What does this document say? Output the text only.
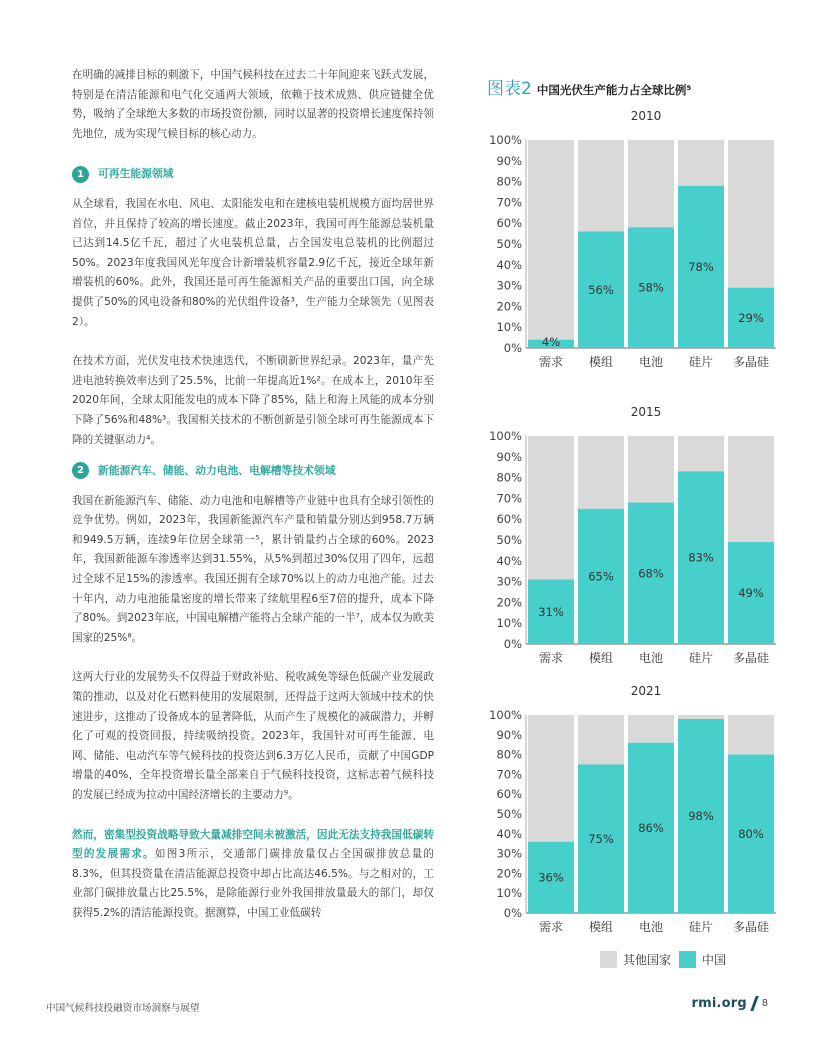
在明确的减排目标的刺激下，中国气候科技在过去二十年间迎来飞跃式发展，特别是在清洁能源和电气化交通两大领域，依赖于技术成熟、供应链健全优势，吸纳了全球绝大多数的市场投资份额，同时以显著的投资增长速度保持领先地位，成为实现气候目标的核心动力。

1	可再生能源领域

从全球看，我国在水电、风电、太阳能发电和在建核电装机规模方面均居世界首位，并且保持了较高的增长速度。截止2023年，我国可再生能源总装机量已达到14.5亿千瓦，超过了火电装机总量，占全国发电总装机的比例超过50%。2023年度我国风光年度合计新增装机容量2.9亿千瓦，接近全球年新增装机的60%。此外，我国还是可再生能源相关产品的重要出口国，向全球提供了50%的风电设备和80%的光伏组件设备³，生产能力全球领先（见图表2）。

在技术方面，光伏发电技术快速迭代，不断刷新世界纪录。2023年，量产先进电池转换效率达到了25.5%，比前一年提高近1%²。在成本上，2010年至2020年间，全球太阳能发电的成本下降了85%，陆上和海上风能的成本分别下降了56%和48%³。我国相关技术的不断创新是引领全球可再生能源成本下降的关键驱动力⁴。

2	新能源汽车、储能、动力电池、电解槽等技术领域

我国在新能源汽车、储能、动力电池和电解槽等产业链中也具有全球引领性的竞争优势。例如，2023年，我国新能源汽车产量和销量分别达到958.7万辆和949.5万辆，连续9年位居全球第一⁵，累计销量约占全球的60%。2023年，我国新能源车渗透率达到31.55%，从5%到超过30%仅用了四年，远超过全球不足15%的渗透率。我国还拥有全球70%以上的动力电池产能。过去十年内，动力电池能量密度的增长带来了续航里程6至7倍的提升，成本下降了80%。到2023年底，中国电解槽产能将占全球产能的一半⁷，成本仅为欧美国家的25%⁸。

这两大行业的发展势头不仅得益于财政补贴、税收减免等绿色低碳产业发展政策的推动，以及对化石燃料使用的发展限制，还得益于这两大领域中技术的快速进步，这推动了设备成本的显著降低，从而产生了规模化的减碳潜力，并孵化了可观的投资回报，持续吸纳投资。2023年，我国针对可再生能源、电网、储能、电动汽车等气候科技的投资达到6.3万亿人民币，贡献了中国GDP增量的40%，全年投资增长量全部来自于气候科技投资，这标志着气候科技的发展已经成为拉动中国经济增长的主要动力⁹。

然而，密集型投资战略导致大量减排空间未被激活，因此无法支持我国低碳转型的发展需求。如图3所示，交通部门碳排放量仅占全国碳排放总量的8.3%，但其投资量在清洁能源总投资中却占比高达46.5%。与之相对的，工业部门碳排放量占比25.5%，是除能源行业外我国排放量最大的部门，却仅获得5.2%的清洁能源投资。据测算，中国工业低碳转

图表2 中国光伏生产能力占全球比例⁵
2010
0%
10%
20%
30%
40%
50%
60%
70%
80%
90%
100%
4%
需求
56%
模组
58%
电池
78%
硅片
29%
多晶硅
2015
0%
10%
20%
30%
40%
50%
60%
70%
80%
90%
100%
31%
需求
65%
模组
68%
电池
83%
硅片
49%
多晶硅
2021
0%
10%
20%
30%
40%
50%
60%
70%
80%
90%
100%
36%
需求
75%
模组
86%
电池
98%
硅片
80%
多晶硅
其他国家	中国
中国气候科技投融资市场洞察与展望	rmi.org 8
